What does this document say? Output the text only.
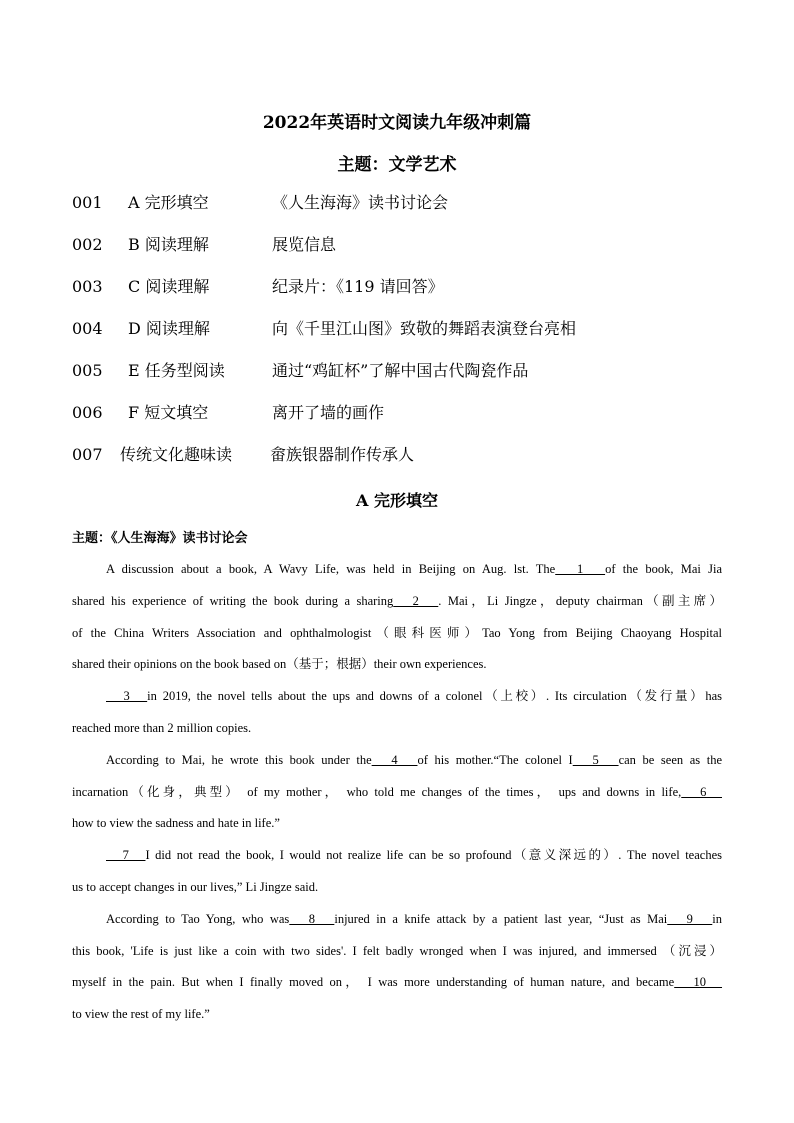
2022年英语时文阅读九年级冲刺篇
主题：文学艺术
001 A 完形填空	《人生海海》读书讨论会
002 B 阅读理解	展览信息
003 C 阅读理解	纪录片：《119 请回答》
004 D 阅读理解	向《千里江山图》致敬的舞蹈表演登台亮相
005 E 任务型阅读	通过“鸡缸杯”了解中国古代陶瓷作品
006 F 短文填空	离开了墙的画作
007 传统文化趣味读 畲族银器制作传承人
A 完形填空
主题：《人生海海》读书讨论会
A discussion about a book, A Wavy Life, was held in Beijing on Aug. lst. The   1   of the book, Mai Jia
shared his experience of writing the book during a sharing   2   . Mai，Li Jingze，deputy chairman（副主席）
of the China Writers Association and ophthalmologist（眼科医师）Tao Yong from Beijing Chaoyang Hospital
shared their opinions on the book based on（基于；根据）their own experiences.
3   in 2019, the novel tells about the ups and downs of a colonel（上校）. Its circulation（发行量）has
reached more than 2 million copies.
According to Mai, he wrote this book under the   4   of his mother.“The colonel I   5   can be seen as the
incarnation（化身，典型） of my mother， who told me changes of the times， ups and downs in life,   6
how to view the sadness and hate in life.”
7   I did not read the book, I would not realize life can be so profound（意义深远的）. The novel teaches
us to accept changes in our lives,” Li Jingze said.
According to Tao Yong, who was   8   injured in a knife attack by a patient last year, “Just as Mai   9   in
this book, 'Life is just like a coin with two sides'. I felt badly wronged when I was injured, and immersed （沉浸）
myself in the pain. But when I finally moved on， I was more understanding of human nature, and became   10
to view the rest of my life.”
